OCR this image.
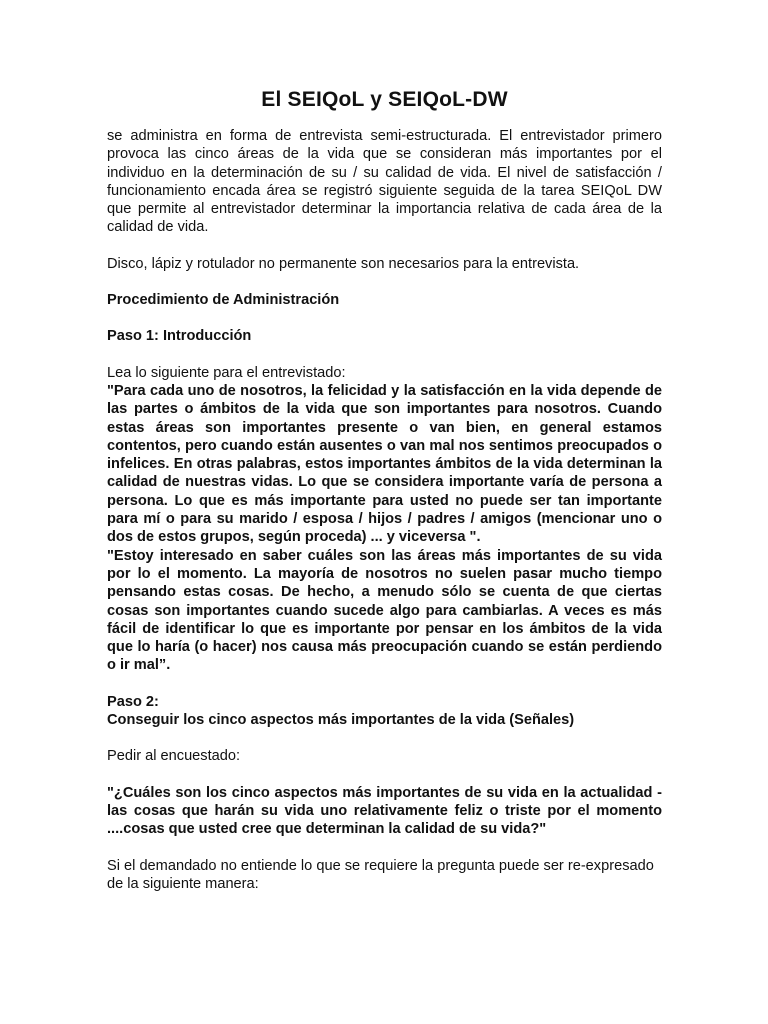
El SEIQoL y SEIQoL-DW

se administra en forma de entrevista semi-estructurada. El entrevistador primero provoca las cinco áreas de la vida que se consideran más importantes por el individuo en la determinación de su / su calidad de vida. El nivel de satisfacción / funcionamiento encada área se registró siguiente seguida de la tarea SEIQoL DW que permite al entrevistador determinar la importancia relativa de cada área de la calidad de vida.

Disco, lápiz y rotulador no permanente son necesarios para la entrevista.

Procedimiento de Administración

Paso 1: Introducción

Lea lo siguiente para el entrevistado:

"Para cada uno de nosotros, la felicidad y la satisfacción en la vida depende de las partes o ámbitos de la vida que son importantes para nosotros. Cuando estas áreas son importantes presente o van bien, en general estamos contentos, pero cuando están ausentes o van mal nos sentimos preocupados o infelices. En otras palabras, estos importantes ámbitos de la vida determinan la calidad de nuestras vidas. Lo que se considera importante varía de persona a persona. Lo que es más importante para usted no puede ser tan importante para mí o para su marido / esposa / hijos / padres / amigos (mencionar uno o dos de estos grupos, según proceda) ... y viceversa ".

"Estoy interesado en saber cuáles son las áreas más importantes de su vida por lo el momento. La mayoría de nosotros no suelen pasar mucho tiempo pensando estas cosas. De hecho, a menudo sólo se cuenta de que ciertas cosas son importantes cuando sucede algo para cambiarlas. A veces es más fácil de identificar lo que es importante por pensar en los ámbitos de la vida que lo haría (o hacer) nos causa más preocupación cuando se están perdiendo o ir mal”.

Paso 2:

Conseguir los cinco aspectos más importantes de la vida (Señales)

Pedir al encuestado:

"¿Cuáles son los cinco aspectos más importantes de su vida en la actualidad - las cosas que harán su vida uno relativamente feliz o triste por el momento ....cosas que usted cree que determinan la calidad de su vida?"

Si el demandado no entiende lo que se requiere la pregunta puede ser re-expresado de la siguiente manera:
